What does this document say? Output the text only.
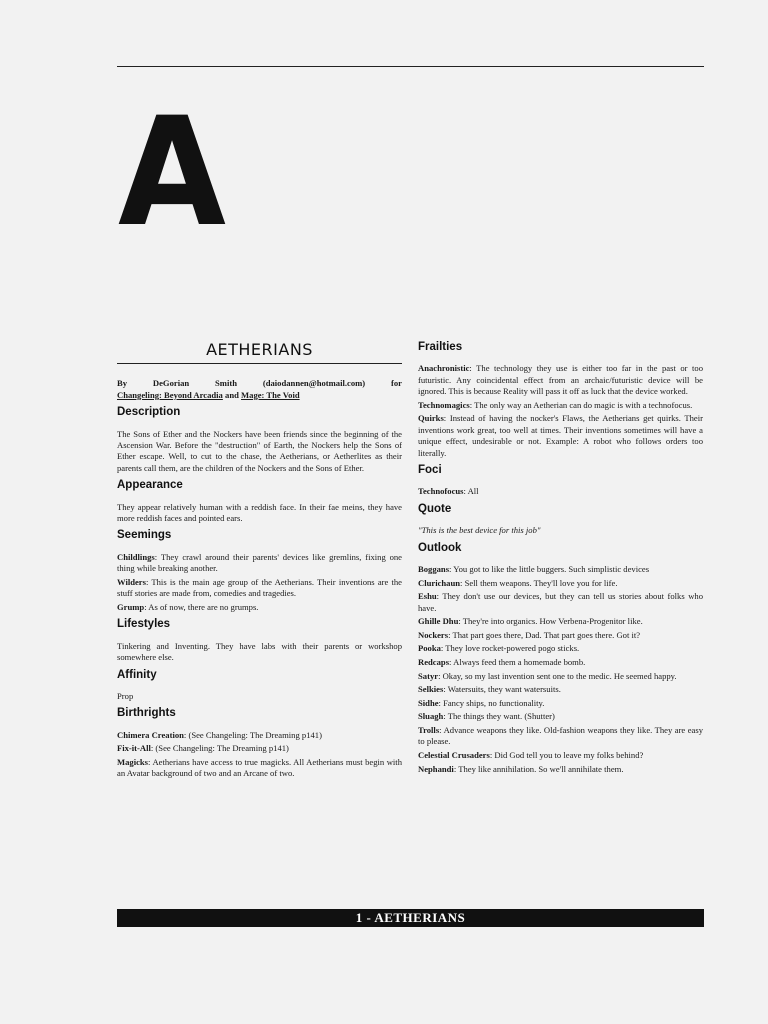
A
AETHERIANS
By	DeGorian	Smith	(daiodannen@hotmail.com)	for
Changeling: Beyond Arcadia and Mage: The Void
Description

The Sons of Ether and the Nockers have been friends since the beginning of the Ascension War. Before the "destruction" of Earth, the Nockers help the Sons of Ether escape. Well, to cut to the chase, the Aetherians, or Aetherlites as their parents call them, are the children of the Nockers and the Sons of Ether.

Appearance

They appear relatively human with a reddish face. In their fae meins, they have more reddish faces and pointed ears.

Seemings

Childlings: They crawl around their parents' devices like gremlins, fixing one thing while breaking another.

Wilders: This is the main age group of the Aetherians. Their inventions are the stuff stories are made from, comedies and tragedies.

Grump: As of now, there are no grumps.

Lifestyles

Tinkering and Inventing. They have labs with their parents or workshop somewhere else.

Affinity

Prop

Birthrights

Chimera Creation: (See Changeling: The Dreaming p141)

Fix-it-All: (See Changeling: The Dreaming p141)

Magicks: Aetherians have access to true magicks. All Aetherians must begin with an Avatar background of two and an Arcane of two.

Frailties

Anachronistic: The technology they use is either too far in the past or too futuristic. Any coincidental effect from an archaic/futuristic device will be ignored. This is because Reality will pass it off as luck that the device worked.

Technomagics: The only way an Aetherian can do magic is with a technofocus.

Quirks: Instead of having the nocker's Flaws, the Aetherians get quirks. Their inventions work great, too well at times. Their inventions sometimes will have a unique effect, undesirable or not. Example: A robot who follows orders too literally.

Foci

Technofocus: All

Quote

"This is the best device for this job"

Outlook

Boggans: You got to like the little buggers. Such simplistic devices

Clurichaun: Sell them weapons. They'll love you for life.

Eshu: They don't use our devices, but they can tell us stories about folks who have.

Ghille Dhu: They're into organics. How Verbena-Progenitor like.

Nockers: That part goes there, Dad. That part goes there. Got it?

Pooka: They love rocket-powered pogo sticks.

Redcaps: Always feed them a homemade bomb.

Satyr: Okay, so my last invention sent one to the medic. He seemed happy.

Selkies: Watersuits, they want watersuits.

Sidhe: Fancy ships, no functionality.

Sluagh: The things they want. (Shutter)

Trolls: Advance weapons they like. Old-fashion weapons they like. They are easy to please.

Celestial Crusaders: Did God tell you to leave my folks behind?

Nephandi: They like annihilation. So we'll annihilate them.

1 - AETHERIANS
